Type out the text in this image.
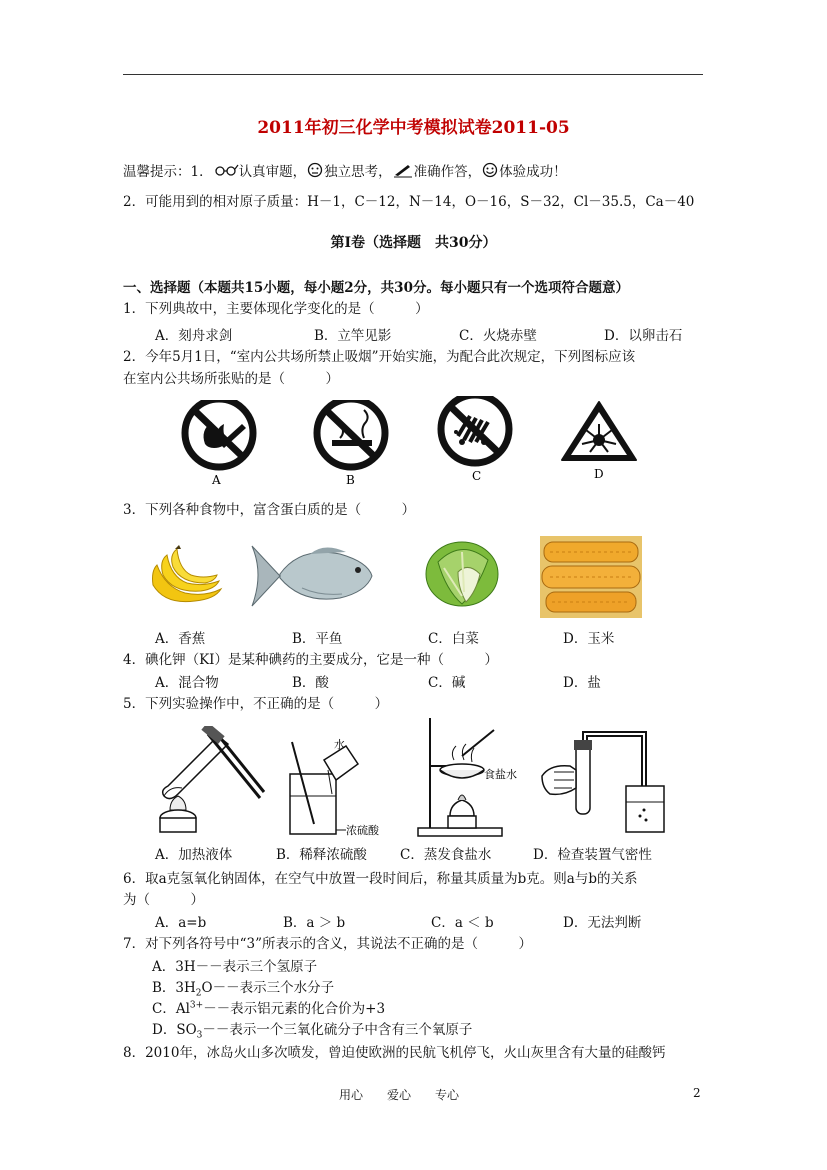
2011年初三化学中考模拟试卷2011-05
温馨提示：1． 认真审题， 独立思考， 准确作答， 体验成功！
2．可能用到的相对原子质量：H－1，C－12，N－14，O－16，S－32，Cl－35.5，Ca－40
第Ⅰ卷（选择题　共30分）
一、选择题（本题共15小题，每小题2分，共30分。每小题只有一个选项符合题意）
1．下列典故中，主要体现化学变化的是（　　　）
A．刻舟求剑	B．立竿见影	C．火烧赤壁	D．以卵击石
2．今年5月1日，“室内公共场所禁止吸烟”开始实施，为配合此次规定，下列图标应该
在室内公共场所张贴的是（　　　）
A	B	C	D
3．下列各种食物中，富含蛋白质的是（　　　）
A．香蕉	B．平鱼	C．白菜	D．玉米
4．碘化钾（KI）是某种碘药的主要成分，它是一种（　　　）
A．混合物	B．酸	C．碱	D．盐
5．下列实验操作中，不正确的是（　　　）
水
浓硫酸
食盐水
A．加热液体	B．稀释浓硫酸 C．蒸发食盐水	D．检查装置气密性
6．取a克氢氧化钠固体，在空气中放置一段时间后，称量其质量为b克。则a与b的关系
为（　　　）
A．a=b	B．a ＞ b	C．a ＜ b	D．无法判断
7．对下列各符号中“3”所表示的含义，其说法不正确的是（　　　）
A．3H－－表示三个氢原子
B．$3H_2O--$表示三个水分子
C．$Al^{3+}--$表示铝元素的化合价为+3
D．$SO_3--$表示一个三氧化硫分子中含有三个氧原子
8．2010年，冰岛火山多次喷发，曾迫使欧洲的民航飞机停飞，火山灰里含有大量的硅酸钙
用心　　爱心　　专心	2
